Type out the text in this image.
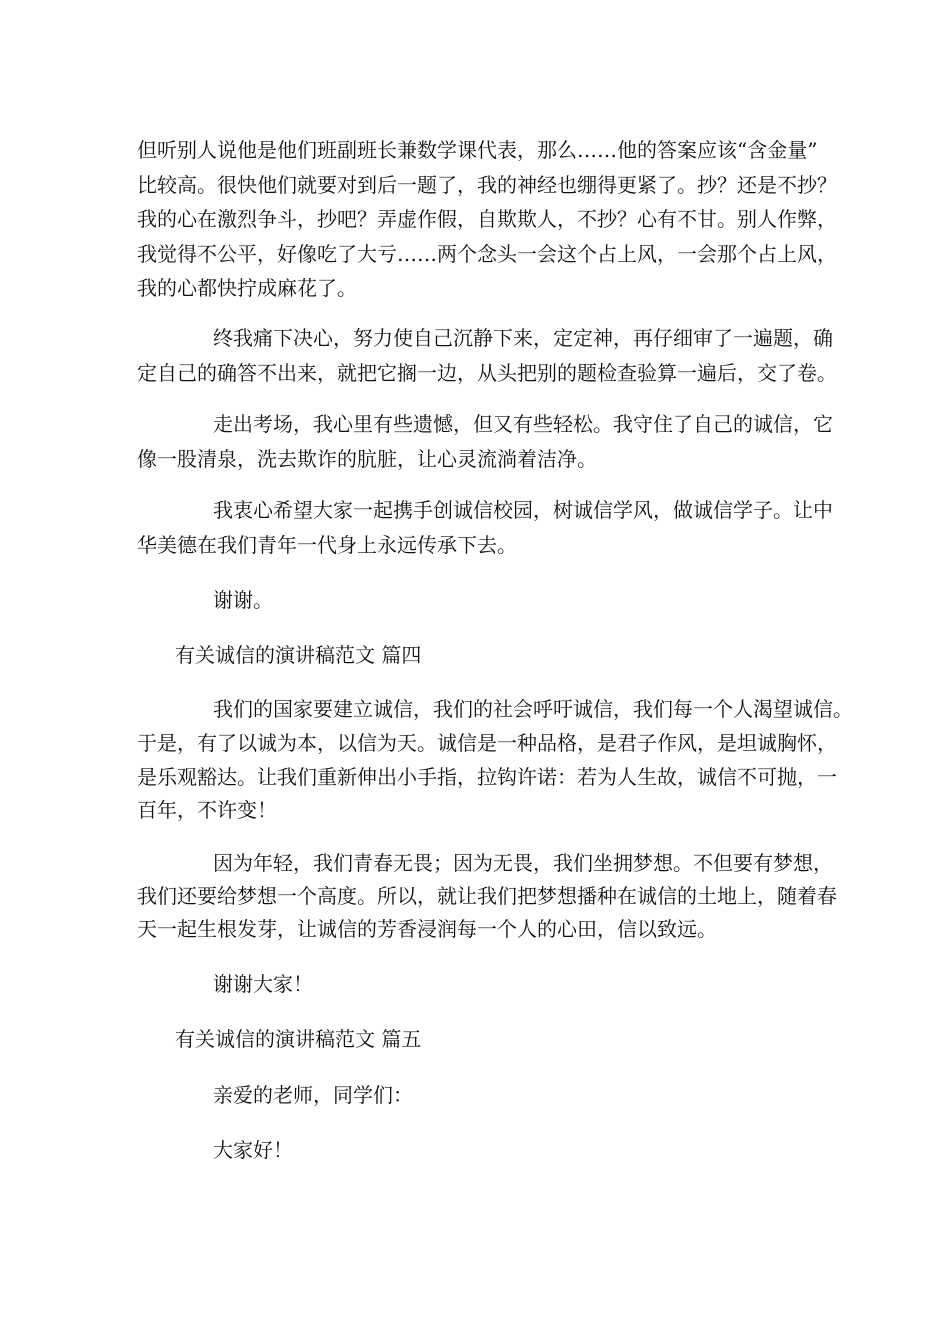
但听别人说他是他们班副班长兼数学课代表，那么……他的答案应该“含金量”
比较高。很快他们就要对到后一题了，我的神经也绷得更紧了。抄？还是不抄？
我的心在激烈争斗，抄吧？弄虚作假，自欺欺人，不抄？心有不甘。别人作弊，
我觉得不公平，好像吃了大亏……两个念头一会这个占上风，一会那个占上风，
我的心都快拧成麻花了。
终我痛下决心，努力使自己沉静下来，定定神，再仔细审了一遍题，确
定自己的确答不出来，就把它搁一边，从头把别的题检查验算一遍后，交了卷。
走出考场，我心里有些遗憾，但又有些轻松。我守住了自己的诚信，它
像一股清泉，洗去欺诈的肮脏，让心灵流淌着洁净。
我衷心希望大家一起携手创诚信校园，树诚信学风，做诚信学子。让中
华美德在我们青年一代身上永远传承下去。
谢谢。
有关诚信的演讲稿范文 篇四
我们的国家要建立诚信，我们的社会呼吁诚信，我们每一个人渴望诚信。
于是，有了以诚为本，以信为天。诚信是一种品格，是君子作风，是坦诚胸怀，
是乐观豁达。让我们重新伸出小手指，拉钩许诺：若为人生故，诚信不可抛，一
百年，不许变！
因为年轻，我们青春无畏；因为无畏，我们坐拥梦想。不但要有梦想，
我们还要给梦想一个高度。所以，就让我们把梦想播种在诚信的土地上，随着春
天一起生根发芽，让诚信的芳香浸润每一个人的心田，信以致远。
谢谢大家！
有关诚信的演讲稿范文 篇五
亲爱的老师，同学们：
大家好！
